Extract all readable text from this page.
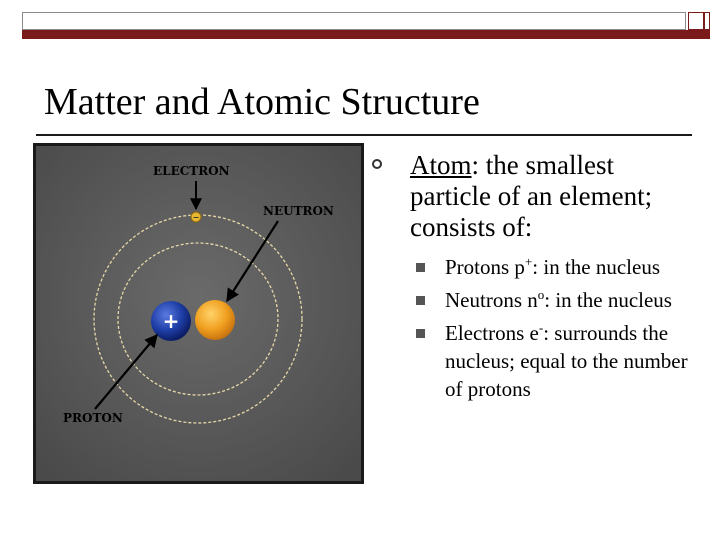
Matter and Atomic Structure
+
−
ELECTRON
NEUTRON
PROTON
Atom: the smallest particle of an element; consists of:
Protons p+: in the nucleus
Neutrons $n^o$: in the nucleus
Electrons e-: surrounds the nucleus; equal to the number of protons
